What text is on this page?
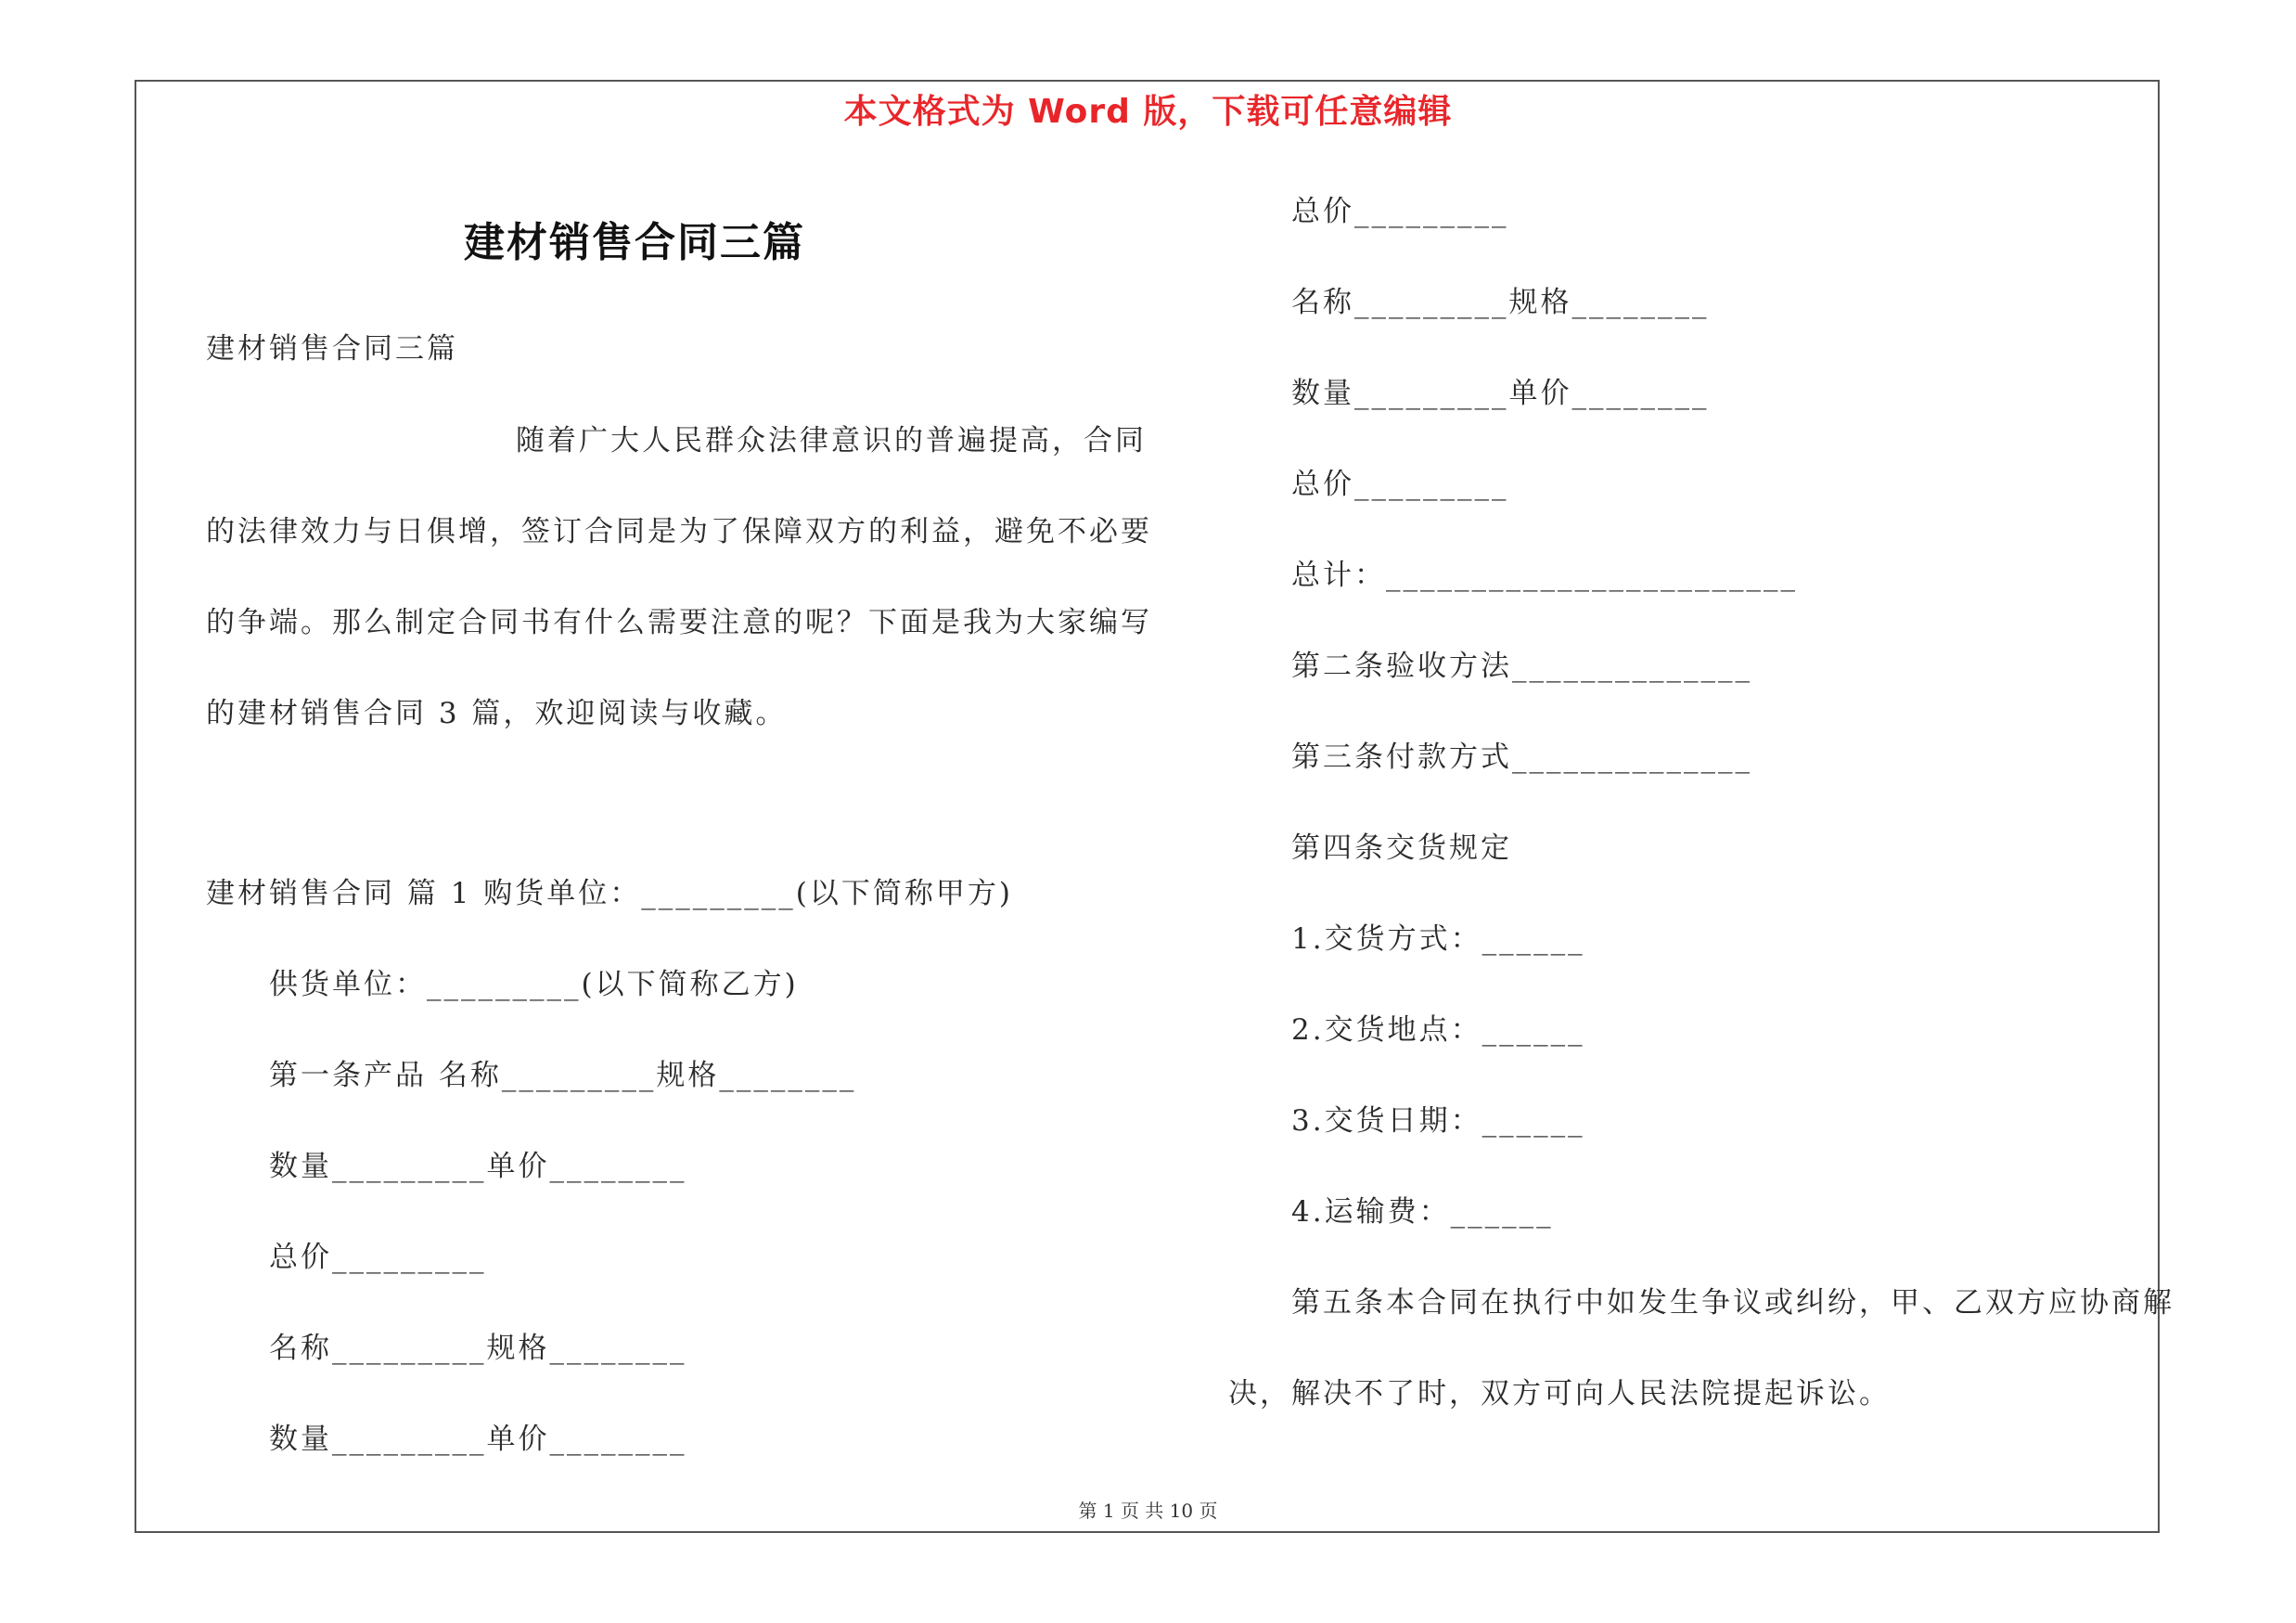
本文格式为 Word 版，下载可任意编辑
建材销售合同三篇
建材销售合同三篇
随着广大人民群众法律意识的普遍提高，合同
的法律效力与日俱增，签订合同是为了保障双方的利益，避免不必要
的争端。那么制定合同书有什么需要注意的呢？下面是我为大家编写
的建材销售合同 3 篇，欢迎阅读与收藏。
建材销售合同 篇 1 购货单位：_________(以下简称甲方)
供货单位：_________(以下简称乙方)
第一条产品 名称_________规格________
数量_________单价________
总价_________
名称_________规格________
数量_________单价________
总价_________
名称_________规格________
数量_________单价________
总价_________
总计：________________________
第二条验收方法______________
第三条付款方式______________
第四条交货规定
1.交货方式：______
2.交货地点：______
3.交货日期：______
4.运输费：______
第五条本合同在执行中如发生争议或纠纷，甲、乙双方应协商解
决，解决不了时，双方可向人民法院提起诉讼。
第 1 页 共 10 页
